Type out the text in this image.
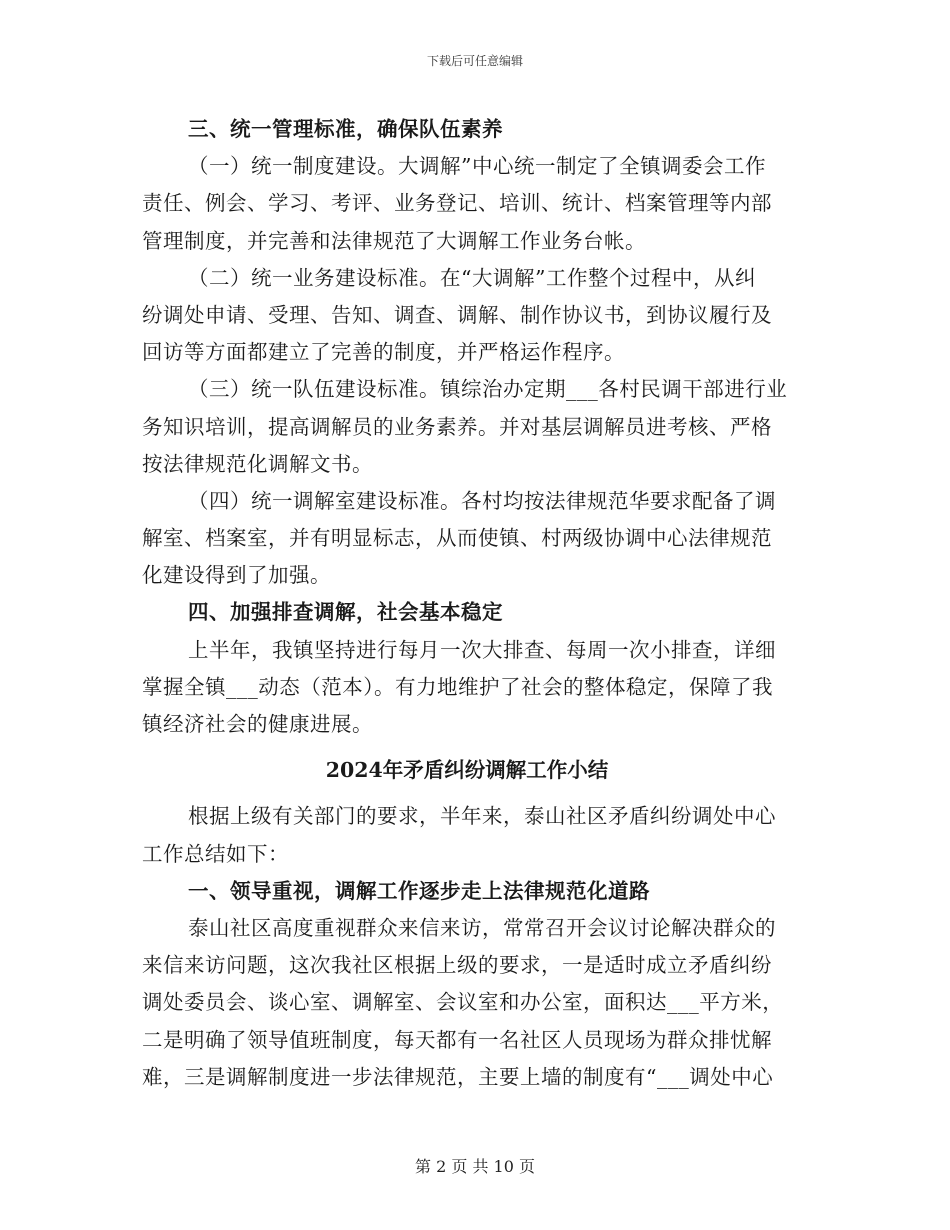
下载后可任意编辑
三、统一管理标准，确保队伍素养
（一）统一制度建设。大调解”中心统一制定了全镇调委会工作
责任、例会、学习、考评、业务登记、培训、统计、档案管理等内部
管理制度，并完善和法律规范了大调解工作业务台帐。
（二）统一业务建设标准。在“大调解”工作整个过程中，从纠
纷调处申请、受理、告知、调查、调解、制作协议书，到协议履行及
回访等方面都建立了完善的制度，并严格运作程序。
（三）统一队伍建设标准。镇综治办定期___各村民调干部进行业
务知识培训，提高调解员的业务素养。并对基层调解员进考核、严格
按法律规范化调解文书。
（四）统一调解室建设标准。各村均按法律规范华要求配备了调
解室、档案室，并有明显标志，从而使镇、村两级协调中心法律规范
化建设得到了加强。
四、加强排查调解，社会基本稳定
上半年，我镇坚持进行每月一次大排查、每周一次小排查，详细
掌握全镇___动态（范本）。有力地维护了社会的整体稳定，保障了我
镇经济社会的健康进展。
2024年矛盾纠纷调解工作小结
根据上级有关部门的要求，半年来，泰山社区矛盾纠纷调处中心
工作总结如下：
一、领导重视，调解工作逐步走上法律规范化道路
泰山社区高度重视群众来信来访，常常召开会议讨论解决群众的
来信来访问题，这次我社区根据上级的要求，一是适时成立矛盾纠纷
调处委员会、谈心室、调解室、会议室和办公室，面积达___平方米，
二是明确了领导值班制度，每天都有一名社区人员现场为群众排忧解
难，三是调解制度进一步法律规范，主要上墙的制度有“___调处中心
第 2 页 共 10 页
